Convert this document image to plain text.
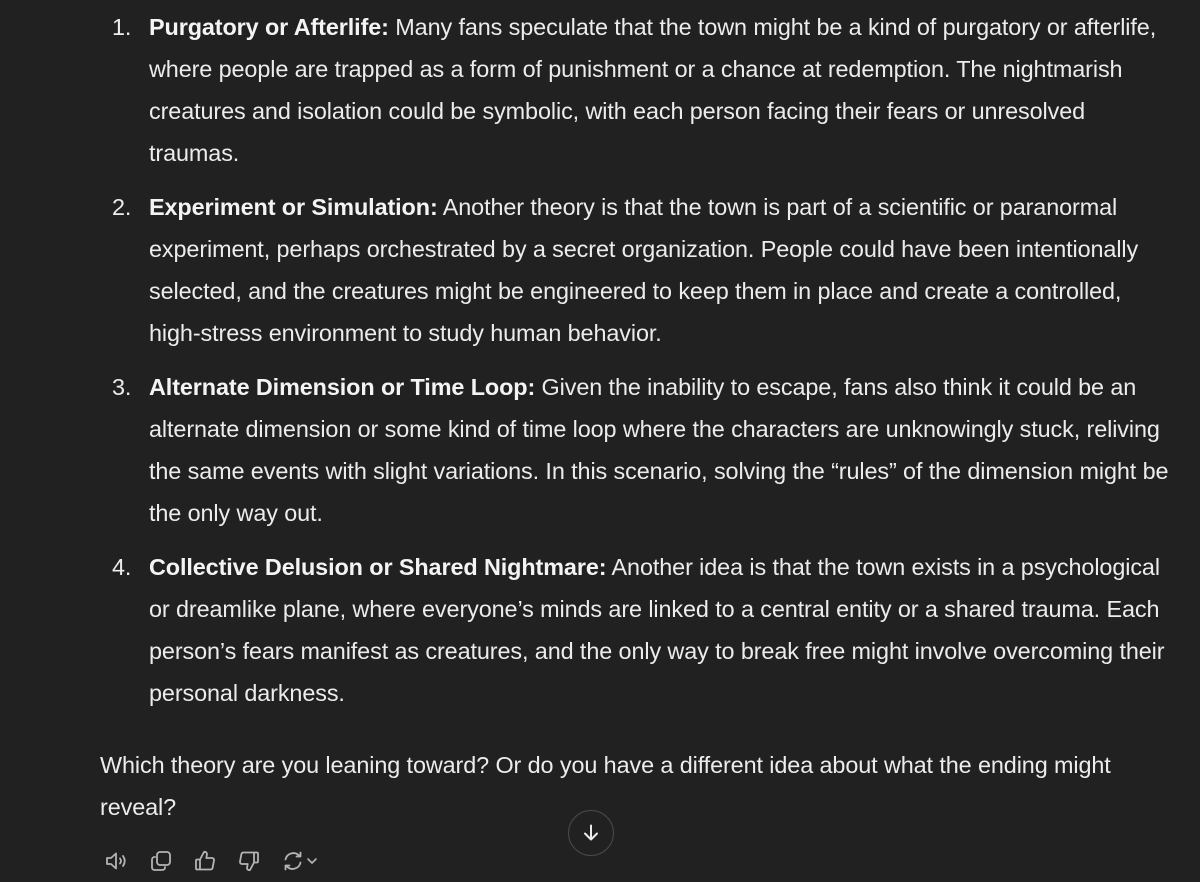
1. Purgatory or Afterlife: Many fans speculate that the town might be a kind of purgatory or afterlife, where people are trapped as a form of punishment or a chance at redemption. The nightmarish creatures and isolation could be symbolic, with each person facing their fears or unresolved traumas.
2. Experiment or Simulation: Another theory is that the town is part of a scientific or paranormal experiment, perhaps orchestrated by a secret organization. People could have been intentionally selected, and the creatures might be engineered to keep them in place and create a controlled, high-stress environment to study human behavior.
3. Alternate Dimension or Time Loop: Given the inability to escape, fans also think it could be an alternate dimension or some kind of time loop where the characters are unknowingly stuck, reliving the same events with slight variations. In this scenario, solving the “rules” of the dimension might be the only way out.
4. Collective Delusion or Shared Nightmare: Another idea is that the town exists in a psychological or dreamlike plane, where everyone’s minds are linked to a central entity or a shared trauma. Each person’s fears manifest as creatures, and the only way to break free might involve overcoming their personal darkness.

Which theory are you leaning toward? Or do you have a different idea about what the ending might reveal?
